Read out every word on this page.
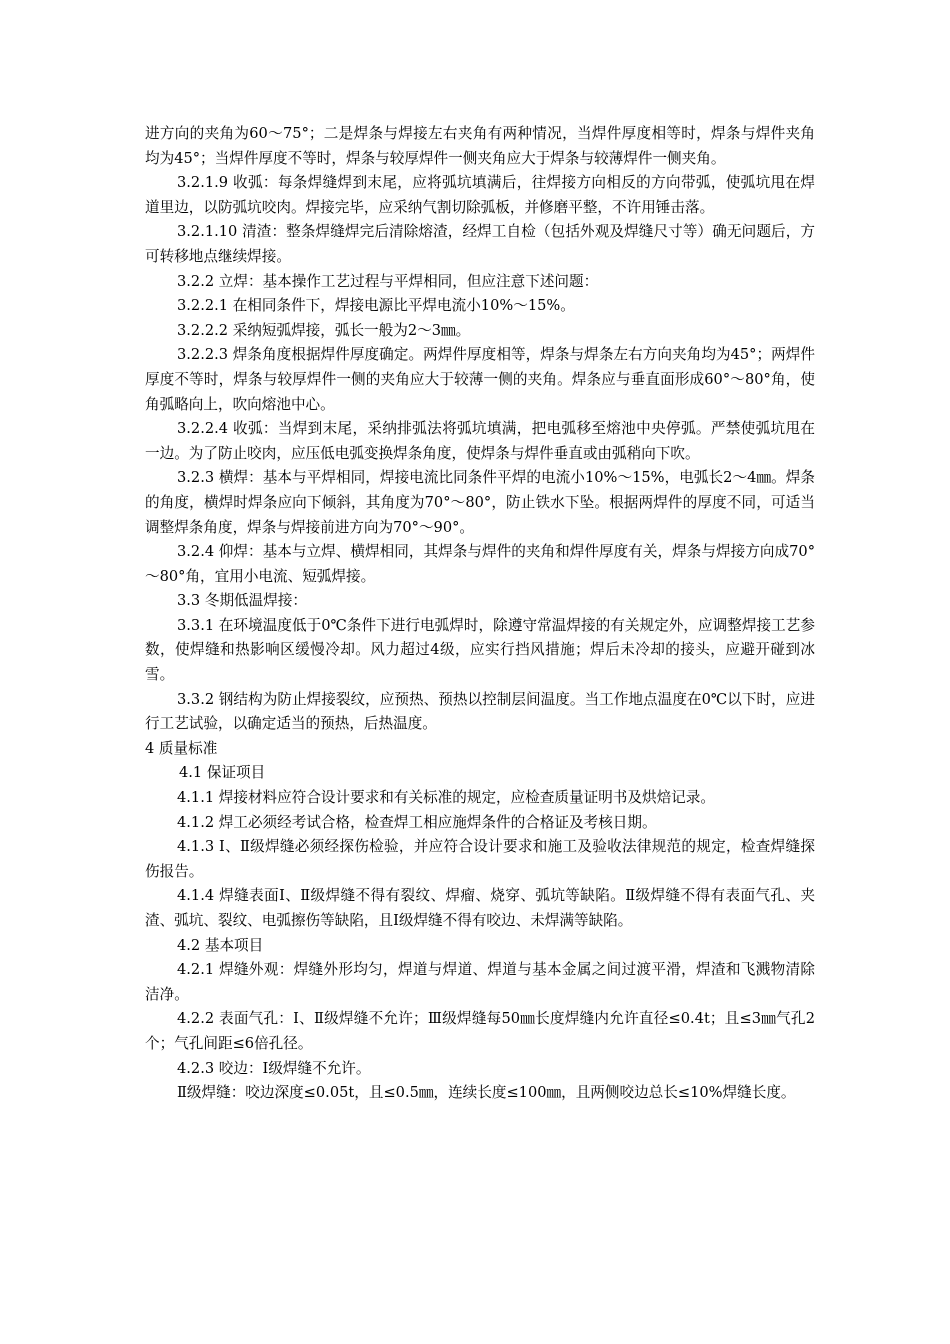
进方向的夹角为60～75°；二是焊条与焊接左右夹角有两种情况，当焊件厚度相等时，焊条与焊件夹角均为45°；当焊件厚度不等时，焊条与较厚焊件一侧夹角应大于焊条与较薄焊件一侧夹角。

3.2.1.9 收弧：每条焊缝焊到末尾，应将弧坑填满后，往焊接方向相反的方向带弧，使弧坑甩在焊道里边，以防弧坑咬肉。焊接完毕，应采纳气割切除弧板，并修磨平整，不许用锤击落。

3.2.1.10 清渣：整条焊缝焊完后清除熔渣，经焊工自检（包括外观及焊缝尺寸等）确无问题后，方可转移地点继续焊接。

3.2.2 立焊：基本操作工艺过程与平焊相同，但应注意下述问题：

3.2.2.1 在相同条件下，焊接电源比平焊电流小10%～15%。

3.2.2.2 采纳短弧焊接，弧长一般为2～3㎜。

3.2.2.3 焊条角度根据焊件厚度确定。两焊件厚度相等，焊条与焊条左右方向夹角均为45°；两焊件厚度不等时，焊条与较厚焊件一侧的夹角应大于较薄一侧的夹角。焊条应与垂直面形成60°～80°角，使角弧略向上，吹向熔池中心。

3.2.2.4 收弧：当焊到末尾，采纳排弧法将弧坑填满，把电弧移至熔池中央停弧。严禁使弧坑甩在一边。为了防止咬肉，应压低电弧变换焊条角度，使焊条与焊件垂直或由弧稍向下吹。

3.2.3 横焊：基本与平焊相同，焊接电流比同条件平焊的电流小10%～15%，电弧长2～4㎜。焊条的角度，横焊时焊条应向下倾斜，其角度为70°～80°，防止铁水下坠。根据两焊件的厚度不同，可适当调整焊条角度，焊条与焊接前进方向为70°～90°。

3.2.4 仰焊：基本与立焊、横焊相同，其焊条与焊件的夹角和焊件厚度有关，焊条与焊接方向成70°～80°角，宜用小电流、短弧焊接。

3.3 冬期低温焊接：

3.3.1 在环境温度低于0℃条件下进行电弧焊时，除遵守常温焊接的有关规定外，应调整焊接工艺参数，使焊缝和热影响区缓慢冷却。风力超过4级，应实行挡风措施；焊后未冷却的接头，应避开碰到冰雪。

3.3.2 钢结构为防止焊接裂纹，应预热、预热以控制层间温度。当工作地点温度在0℃以下时，应进行工艺试验，以确定适当的预热，后热温度。

4 质量标准

4.1 保证项目

4.1.1 焊接材料应符合设计要求和有关标准的规定，应检查质量证明书及烘焙记录。

4.1.2 焊工必须经考试合格，检查焊工相应施焊条件的合格证及考核日期。

4.1.3 Ⅰ、Ⅱ级焊缝必须经探伤检验，并应符合设计要求和施工及验收法律规范的规定，检查焊缝探伤报告。

4.1.4 焊缝表面Ⅰ、Ⅱ级焊缝不得有裂纹、焊瘤、烧穿、弧坑等缺陷。Ⅱ级焊缝不得有表面气孔、夹渣、弧坑、裂纹、电弧擦伤等缺陷，且Ⅰ级焊缝不得有咬边、未焊满等缺陷。

4.2 基本项目

4.2.1 焊缝外观：焊缝外形均匀，焊道与焊道、焊道与基本金属之间过渡平滑，焊渣和飞溅物清除洁净。

4.2.2 表面气孔：Ⅰ、Ⅱ级焊缝不允许；Ⅲ级焊缝每50㎜长度焊缝内允许直径≤0.4t；且≤3㎜气孔2个；气孔间距≤6倍孔径。

4.2.3 咬边：Ⅰ级焊缝不允许。

Ⅱ级焊缝：咬边深度≤0.05t，且≤0.5㎜，连续长度≤100㎜，且两侧咬边总长≤10%焊缝长度。
